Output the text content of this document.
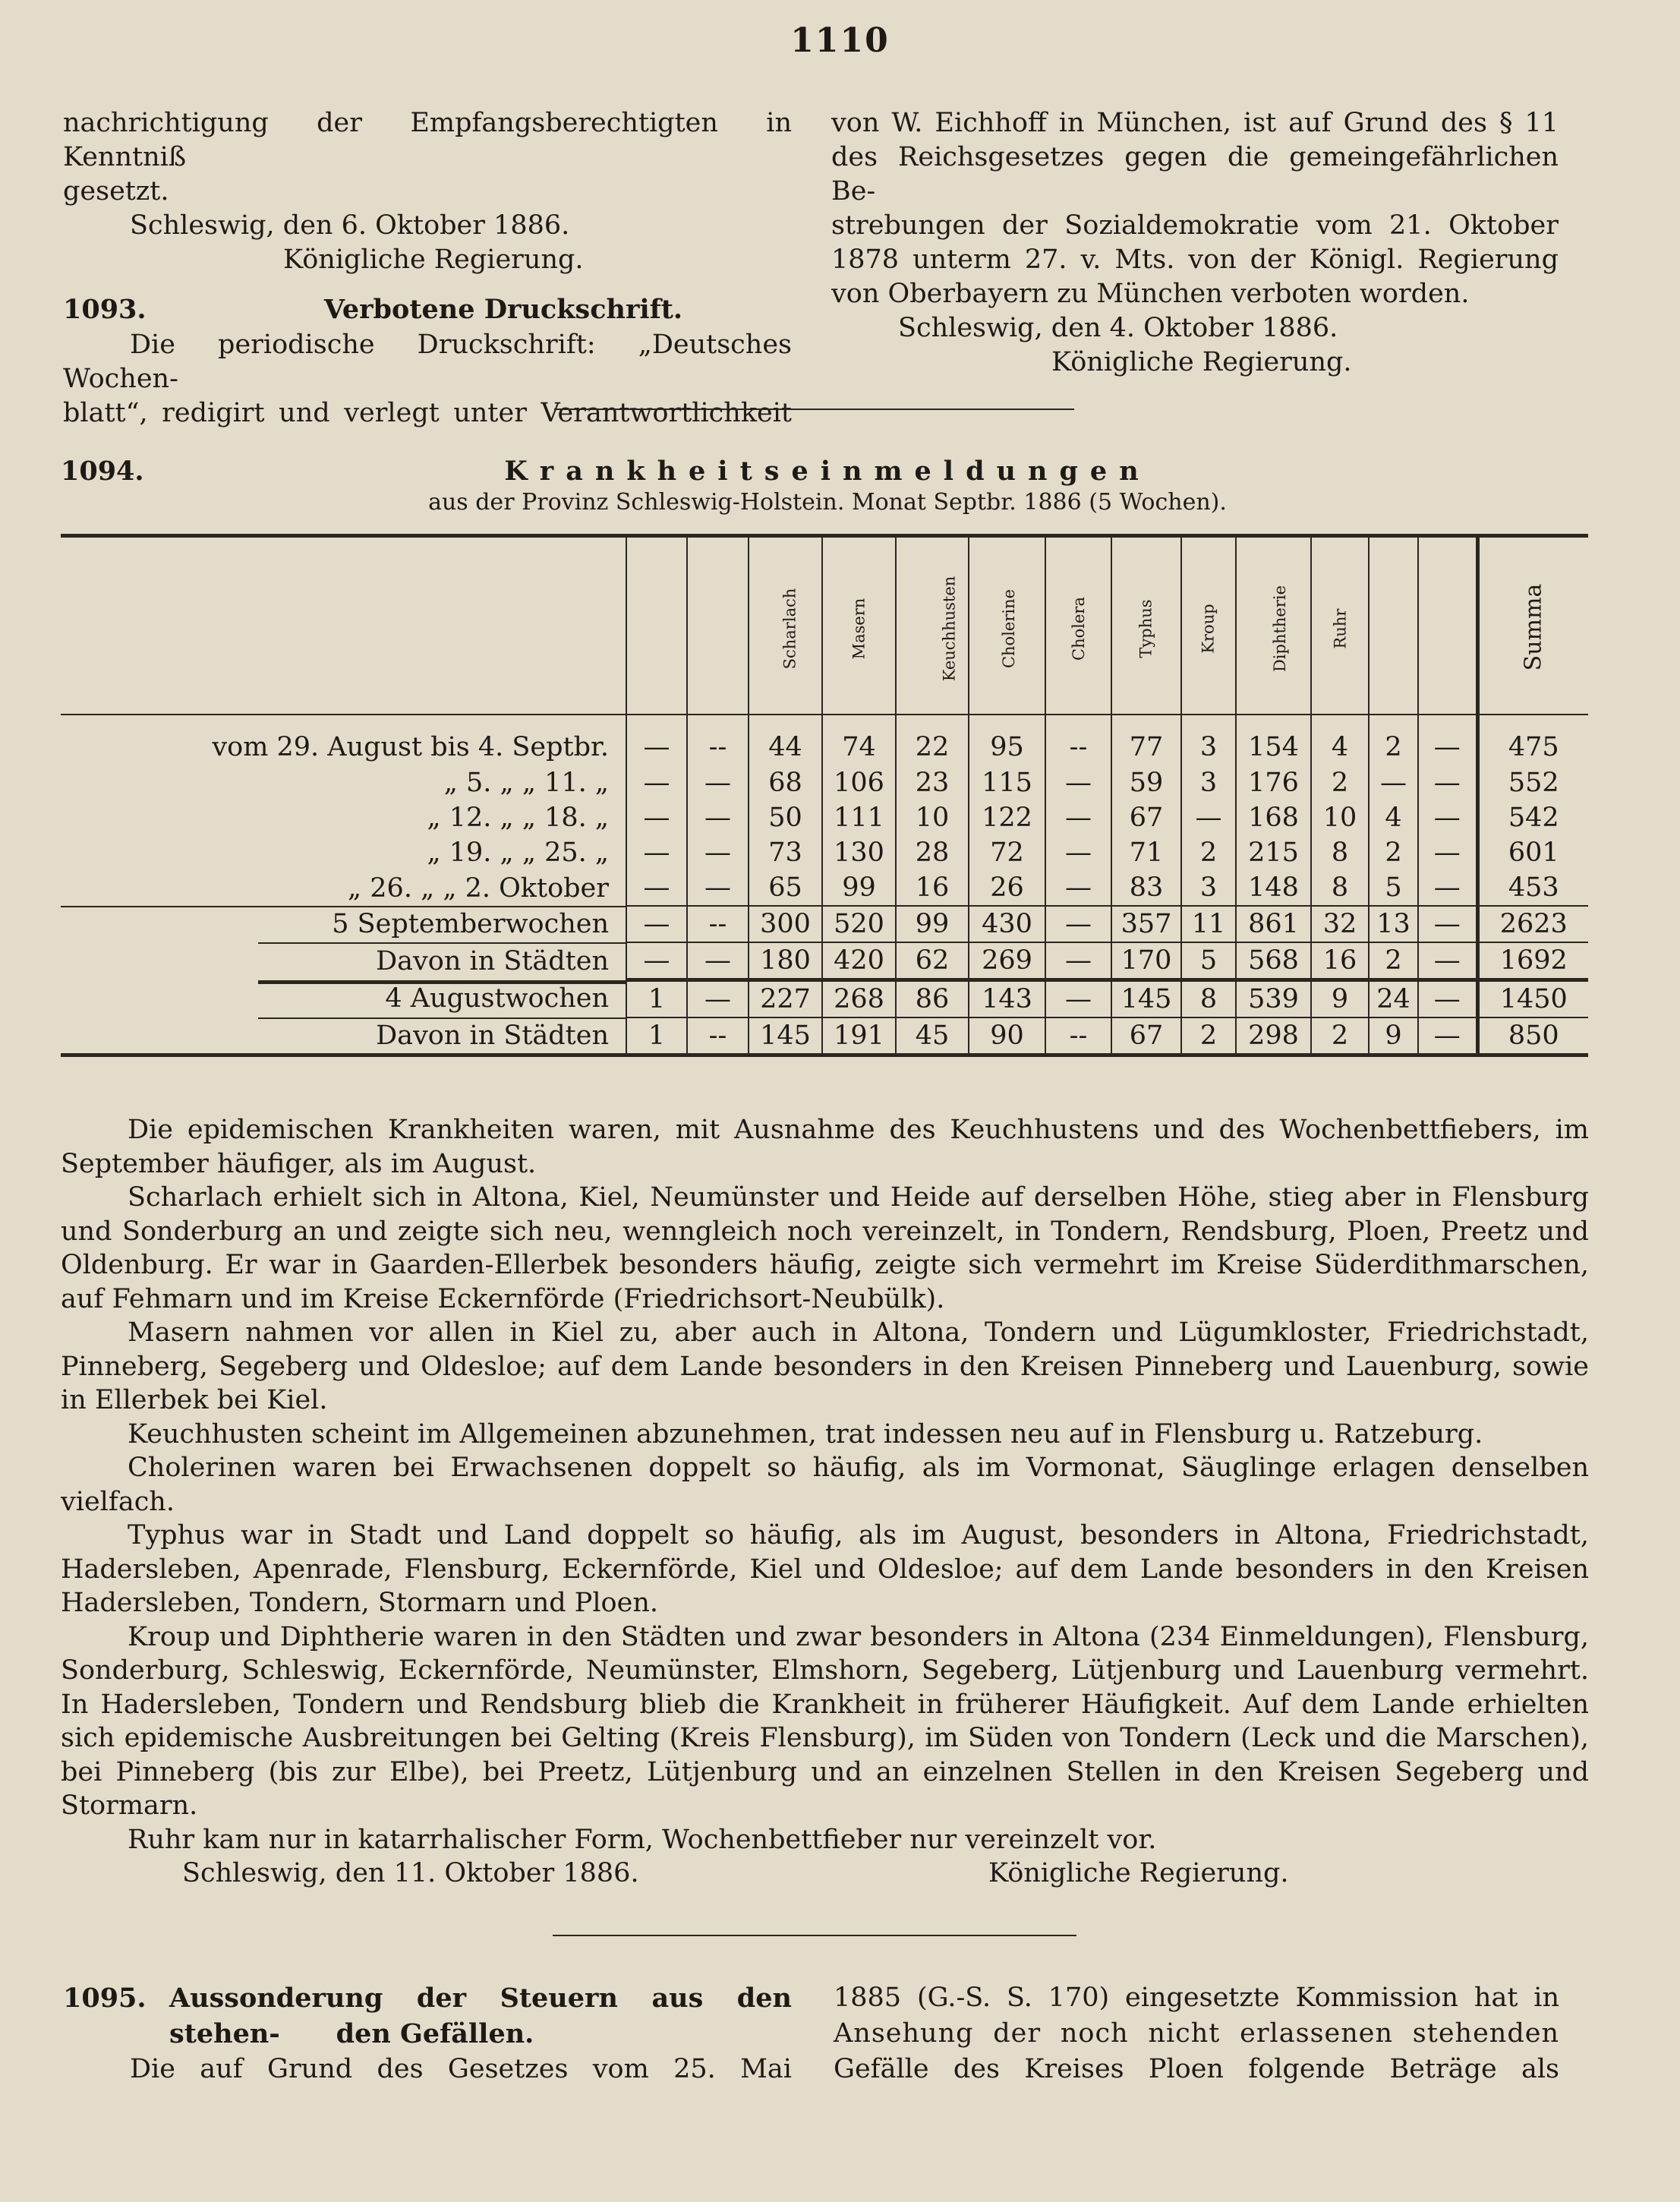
1110

nachrichtigung der Empfangsberechtigten in Kenntniß

gesetzt.

Schleswig, den 6. Oktober 1886.

Königliche Regierung.

1093.	Verbotene Druckschrift.

Die periodische Druckschrift: „Deutsches Wochen-

blatt“, redigirt und verlegt unter Verantwortlichkeit

von W. Eichhoff in München, ist auf Grund des § 11

des Reichsgesetzes gegen die gemeingefährlichen Be-

strebungen der Sozialdemokratie vom 21. Oktober

1878 unterm 27. v. Mts. von der Königl. Regierung

von Oberbayern zu München verboten worden.

Schleswig, den 4. Oktober 1886.

Königliche Regierung.

1094.	Krankheitseinmeldungen
aus der Provinz Schleswig-Holstein. Monat Septbr. 1886 (5 Wochen).
			Scharlach	Masern	Keuchhusten	Cholerine	Cholera	Typhus	Kroup	Diphtherie	Ruhr			Summa
vom 29. August bis 4. Septbr.	—	--	44	74	22	95	--	77	3	154	4	2	—	475
„ 5. „ „ 11. „	—	—	68	106	23	115	—	59	3	176	2	—	—	552
„ 12. „ „ 18. „	—	—	50	111	10	122	—	67	—	168	10	4	—	542
„ 19. „ „ 25. „	—	—	73	130	28	72	—	71	2	215	8	2	—	601
„ 26. „ „ 2. Oktober	—	—	65	99	16	26	—	83	3	148	8	5	—	453
5 Septemberwochen	—	--	300	520	99	430	—	357	11	861	32	13	—	2623
Davon in Städten	—	—	180	420	62	269	—	170	5	568	16	2	—	1692
4 Augustwochen	1	—	227	268	86	143	—	145	8	539	9	24	—	1450
Davon in Städten	1	--	145	191	45	90	--	67	2	298	2	9	—	850

Die epidemischen Krankheiten waren, mit Ausnahme des Keuchhustens und des Wochenbettfiebers, im September häufiger, als im August.

Scharlach erhielt sich in Altona, Kiel, Neumünster und Heide auf derselben Höhe, stieg aber in Flensburg und Sonderburg an und zeigte sich neu, wenngleich noch vereinzelt, in Tondern, Rendsburg, Ploen, Preetz und Oldenburg. Er war in Gaarden-Ellerbek besonders häufig, zeigte sich vermehrt im Kreise Süderdithmarschen, auf Fehmarn und im Kreise Eckernförde (Friedrichsort-Neubülk).

Masern nahmen vor allen in Kiel zu, aber auch in Altona, Tondern und Lügumkloster, Friedrichstadt, Pinneberg, Segeberg und Oldesloe; auf dem Lande besonders in den Kreisen Pinneberg und Lauenburg, sowie in Ellerbek bei Kiel.

Keuchhusten scheint im Allgemeinen abzunehmen, trat indessen neu auf in Flensburg u. Ratzeburg.

Cholerinen waren bei Erwachsenen doppelt so häufig, als im Vormonat, Säuglinge erlagen denselben vielfach.

Typhus war in Stadt und Land doppelt so häufig, als im August, besonders in Altona, Friedrichstadt, Hadersleben, Apenrade, Flensburg, Eckernförde, Kiel und Oldesloe; auf dem Lande besonders in den Kreisen Hadersleben, Tondern, Stormarn und Ploen.

Kroup und Diphtherie waren in den Städten und zwar besonders in Altona (234 Einmeldungen), Flensburg, Sonderburg, Schleswig, Eckernförde, Neumünster, Elmshorn, Segeberg, Lütjenburg und Lauenburg vermehrt. In Hadersleben, Tondern und Rendsburg blieb die Krankheit in früherer Häufigkeit. Auf dem Lande erhielten sich epidemische Ausbreitungen bei Gelting (Kreis Flensburg), im Süden von Tondern (Leck und die Marschen), bei Pinneberg (bis zur Elbe), bei Preetz, Lütjenburg und an einzelnen Stellen in den Kreisen Segeberg und Stormarn.

Ruhr kam nur in katarrhalischer Form, Wochenbettfieber nur vereinzelt vor.

Schleswig, den 11. Oktober 1886.	Königliche Regierung.
1095. Aussonderung der Steuern aus den stehen-	den Gefällen.

Die auf Grund des Gesetzes vom 25. Mai

1885 (G.-S. S. 170) eingesetzte Kommission hat in

Ansehung der noch nicht erlassenen stehenden

Gefälle des Kreises Ploen folgende Beträge als
